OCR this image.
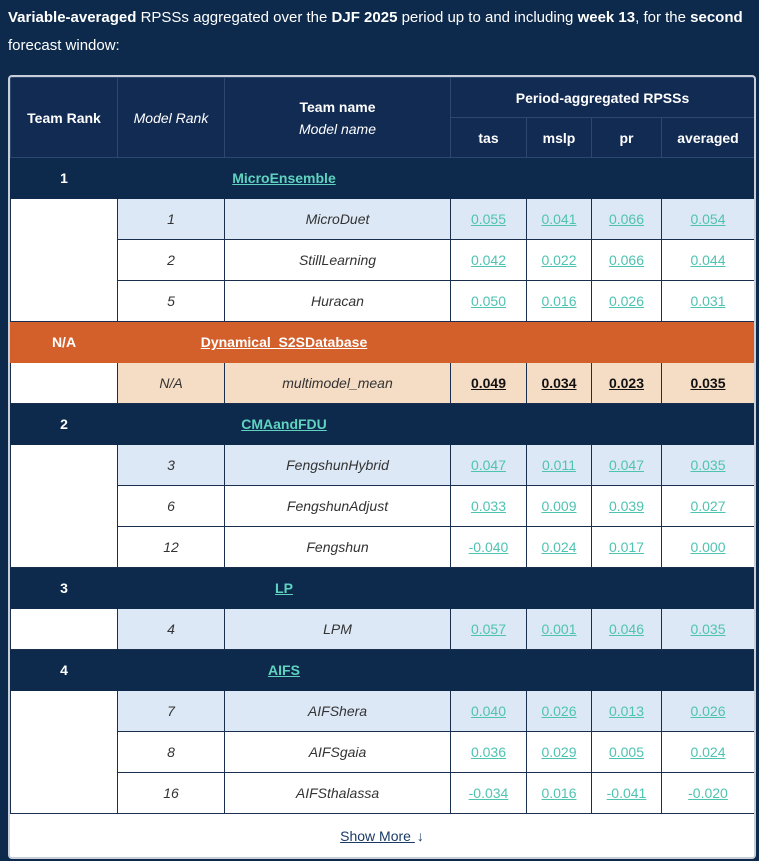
Variable-averaged RPSSs aggregated over the DJF 2025 period up to and including week 13, for the second forecast window:
Team Rank	Model Rank	Team name
Model name	Period-aggregated RPSSs			
			tas	mslp	pr	averaged
1	MicroEnsemble					
	1	MicroDuet	0.055	0.041	0.066	0.054
	2	StillLearning	0.042	0.022	0.066	0.044
	5	Huracan	0.050	0.016	0.026	0.031
N/A	Dynamical_S2SDatabase					
	N/A	multimodel_mean	0.049	0.034	0.023	0.035
2	CMAandFDU					
	3	FengshunHybrid	0.047	0.011	0.047	0.035
	6	FengshunAdjust	0.033	0.009	0.039	0.027
	12	Fengshun	-0.040	0.024	0.017	0.000
3	LP					
	4	LPM	0.057	0.001	0.046	0.035
4	AIFS					
	7	AIFShera	0.040	0.026	0.013	0.026
	8	AIFSgaia	0.036	0.029	0.005	0.024
	16	AIFSthalassa	-0.034	0.016	-0.041	-0.020
Show More ↓
